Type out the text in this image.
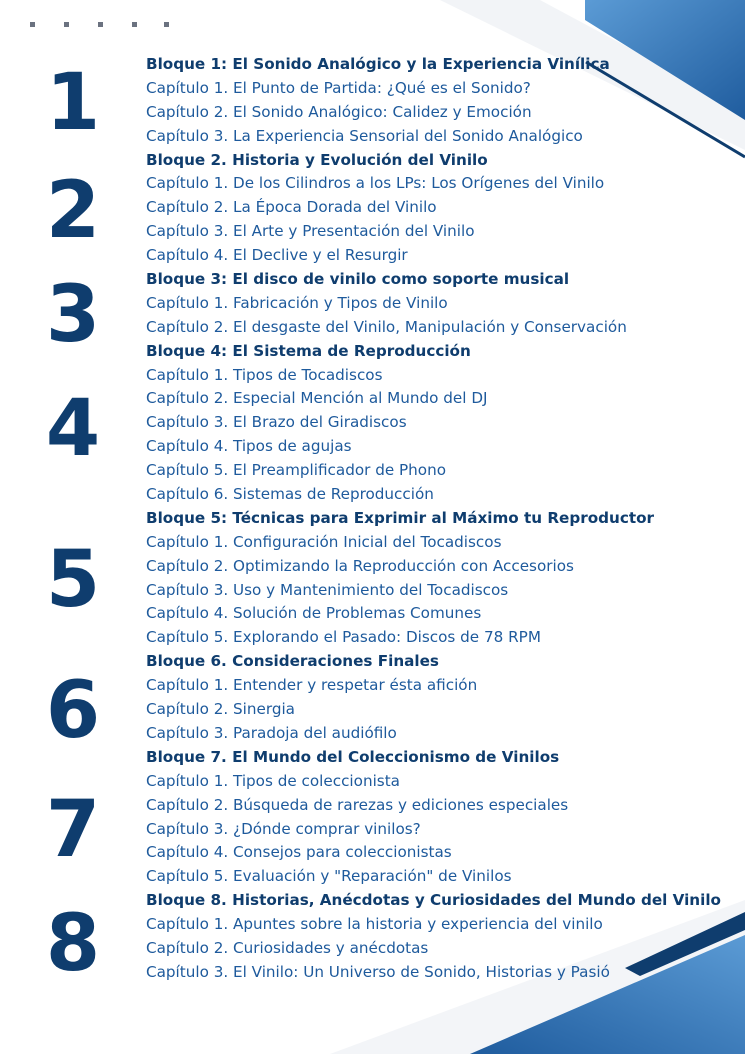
1
2
3
4
5
6
7
8
Bloque 1: El Sonido Analógico y la Experiencia Vinílica
Capítulo 1. El Punto de Partida: ¿Qué es el Sonido?
Capítulo 2. El Sonido Analógico: Calidez y Emoción
Capítulo 3. La Experiencia Sensorial del Sonido Analógico
Bloque 2. Historia y Evolución del Vinilo
Capítulo 1. De los Cilindros a los LPs: Los Orígenes del Vinilo
Capítulo 2. La Época Dorada del Vinilo
Capítulo 3. El Arte y Presentación del Vinilo
Capítulo 4. El Declive y el Resurgir
Bloque 3: El disco de vinilo como soporte musical
Capítulo 1. Fabricación y Tipos de Vinilo
Capítulo 2. El desgaste del Vinilo, Manipulación y Conservación
Bloque 4: El Sistema de Reproducción
Capítulo 1. Tipos de Tocadiscos
Capítulo 2. Especial Mención al Mundo del DJ
Capítulo 3. El Brazo del Giradiscos
Capítulo 4. Tipos de agujas
Capítulo 5. El Preamplificador de Phono
Capítulo 6. Sistemas de Reproducción
Bloque 5: Técnicas para Exprimir al Máximo tu Reproductor
Capítulo 1. Configuración Inicial del Tocadiscos
Capítulo 2. Optimizando la Reproducción con Accesorios
Capítulo 3. Uso y Mantenimiento del Tocadiscos
Capítulo 4. Solución de Problemas Comunes
Capítulo 5. Explorando el Pasado: Discos de 78 RPM
Bloque 6. Consideraciones Finales
Capítulo 1. Entender y respetar ésta afición
Capítulo 2. Sinergia
Capítulo 3. Paradoja del audiófilo
Bloque 7. El Mundo del Coleccionismo de Vinilos
Capítulo 1. Tipos de coleccionista
Capítulo 2. Búsqueda de rarezas y ediciones especiales
Capítulo 3. ¿Dónde comprar vinilos?
Capítulo 4. Consejos para coleccionistas
Capítulo 5. Evaluación y "Reparación" de Vinilos
Bloque 8. Historias, Anécdotas y Curiosidades del Mundo del Vinilo
Capítulo 1. Apuntes sobre la historia y experiencia del vinilo
Capítulo 2. Curiosidades y anécdotas
Capítulo 3. El Vinilo: Un Universo de Sonido, Historias y Pasió
